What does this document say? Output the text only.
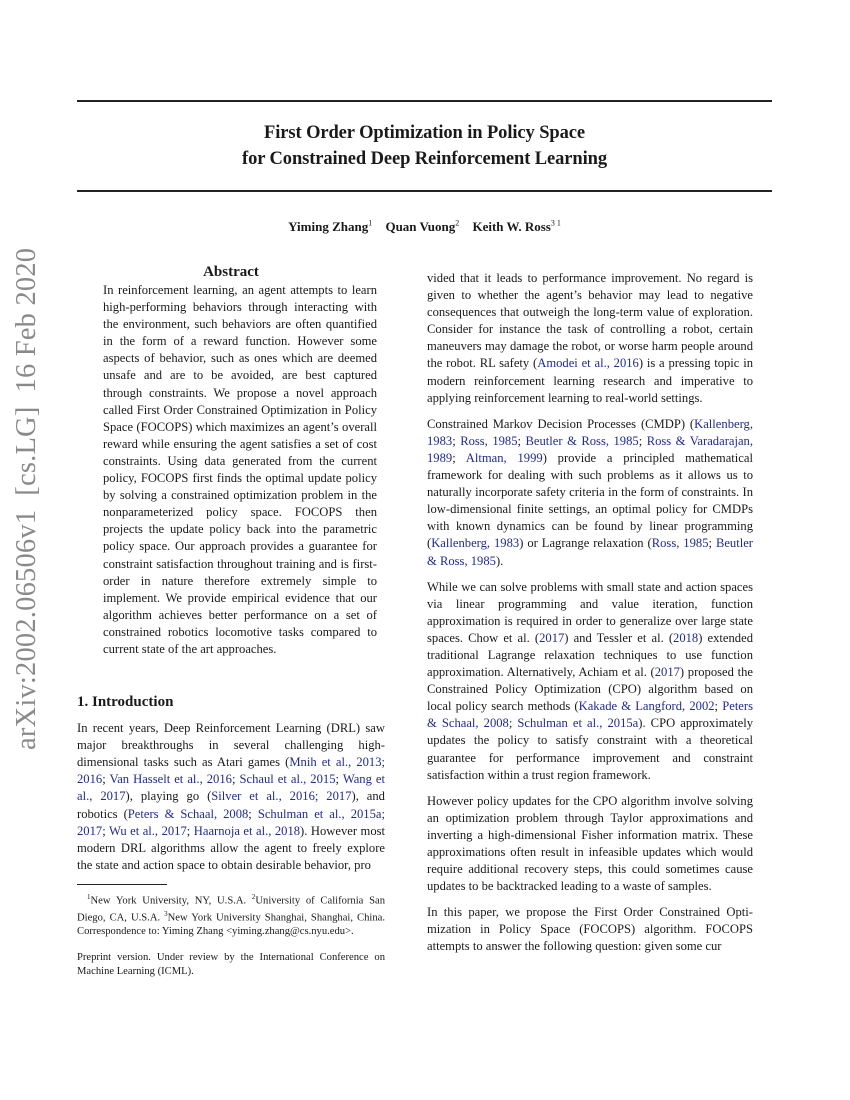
First Order Optimization in Policy Space
for Constrained Deep Reinforcement Learning
Yiming Zhang$^1$ Quan Vuong$^2$ Keith W. Ross$^{3 1}$
arXiv:2002.06506v1[cs.LG]16 Feb 2020	Abstract

In reinforcement learning, an agent attempts to learn high-performing behaviors through interacting with the environment, such behaviors are often quantified in the form of a reward function. However some aspects of behavior, such as ones which are deemed unsafe and are to be avoided, are best captured through constraints. We propose a novel approach called First Order Constrained Optimization in Policy Space (FOCOPS) which maximizes an agent’s overall reward while ensuring the agent satisfies a set of cost constraints. Using data generated from the current policy, FOCOPS first finds the optimal update policy by solving a constrained optimization problem in the nonparameterized policy space. FOCOPS then projects the update policy back into the parametric policy space. Our approach provides a guarantee for constraint satisfaction throughout training and is first-order in nature therefore extremely simple to implement. We provide empirical evidence that our algorithm achieves better performance on a set of constrained robotics locomotive tasks compared to current state of the art approaches.

1. Introduction

In recent years, Deep Reinforcement Learning (DRL) saw major breakthroughs in several challenging high-dimensional tasks such as Atari games (Mnih et al., 2013; 2016; Van Hasselt et al., 2016; Schaul et al., 2015; Wang et al., 2017), playing go (Silver et al., 2016; 2017), and robotics (Peters & Schaal, 2008; Schulman et al., 2015a; 2017; Wu et al., 2017; Haarnoja et al., 2018). However most modern DRL algorithms allow the agent to freely explore the state and action space to obtain desirable behavior, pro

$^1$New York University, NY, U.S.A. $^2$University of California San Diego, CA, U.S.A. $^3$New York University Shanghai, Shanghai, China. Correspondence to: Yiming Zhang <yiming.zhang@cs.nyu.edu>.

Preprint version. Under review by the International Conference on Machine Learning (ICML).

vided that it leads to performance improvement. No regard is given to whether the agent’s behavior may lead to negative consequences that outweigh the long-term value of exploration. Consider for instance the task of controlling a robot, certain maneuvers may damage the robot, or worse harm people around the robot. RL safety (Amodei et al., 2016) is a pressing topic in modern reinforcement learning research and imperative to applying reinforcement learning to real-world settings.

Constrained Markov Decision Processes (CMDP) (Kallenberg, 1983; Ross, 1985; Beutler & Ross, 1985; Ross & Varadarajan, 1989; Altman, 1999) provide a principled mathematical framework for dealing with such problems as it allows us to naturally incorporate safety criteria in the form of constraints. In low-dimensional finite settings, an optimal policy for CMDPs with known dynamics can be found by linear programming (Kallenberg, 1983) or Lagrange relaxation (Ross, 1985; Beutler & Ross, 1985).

While we can solve problems with small state and action spaces via linear programming and value iteration, function approximation is required in order to generalize over large state spaces. Chow et al. (2017) and Tessler et al. (2018) extended traditional Lagrange relaxation techniques to use function approximation. Alternatively, Achiam et al. (2017) proposed the Constrained Policy Optimization (CPO) algorithm based on local policy search methods (Kakade & Langford, 2002; Peters & Schaal, 2008; Schulman et al., 2015a). CPO approximately updates the policy to satisfy constraint with a theoretical guarantee for performance improvement and constraint satisfaction within a trust region framework.

However policy updates for the CPO algorithm involve solving an optimization problem through Taylor approximations and inverting a high-dimensional Fisher information matrix. These approximations often result in infeasible updates which would require additional recovery steps, this could sometimes cause updates to be backtracked leading to a waste of samples.

In this paper, we propose the First Order Constrained Optimization in Policy Space (FOCOPS) algorithm. FOCOPS attempts to answer the following question: given some cur
